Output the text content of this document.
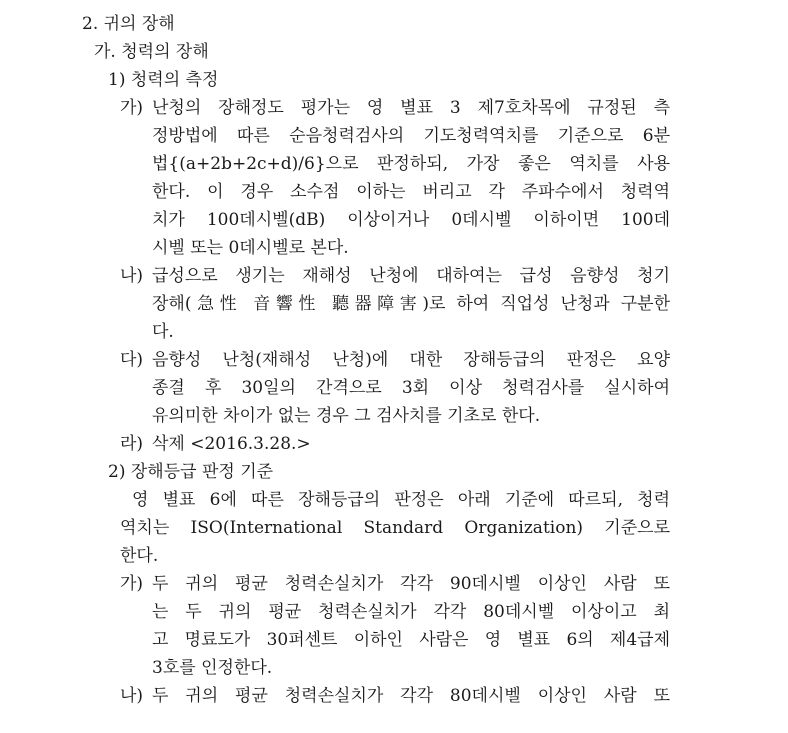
2. 귀의 장해
가. 청력의 장해
1) 청력의 측정
가) 난청의 장해정도 평가는 영 별표 3 제7호차목에 규정된 측
정방법에 따른 순음청력검사의 기도청력역치를 기준으로 6분
법{(a+2b+2c+d)/6}으로 판정하되, 가장 좋은 역치를 사용
한다. 이 경우 소수점 이하는 버리고 각 주파수에서 청력역
치가 100데시벨(dB) 이상이거나 0데시벨 이하이면 100데
시벨 또는 0데시벨로 본다.
나) 급성으로 생기는 재해성 난청에 대하여는 급성 음향성 청기
장해(急性 音響性 聽器障害)로 하여 직업성 난청과 구분한
다.
다) 음향성 난청(재해성 난청)에 대한 장해등급의 판정은 요양
종결 후 30일의 간격으로 3회 이상 청력검사를 실시하여
유의미한 차이가 없는 경우 그 검사치를 기초로 한다.
라) 삭제 <2016.3.28.>
2) 장해등급 판정 기준
영 별표 6에 따른 장해등급의 판정은 아래 기준에 따르되, 청력
역치는 ISO(International Standard Organization) 기준으로
한다.
가) 두 귀의 평균 청력손실치가 각각 90데시벨 이상인 사람 또
는 두 귀의 평균 청력손실치가 각각 80데시벨 이상이고 최
고 명료도가 30퍼센트 이하인 사람은 영 별표 6의 제4급제
3호를 인정한다.
나) 두 귀의 평균 청력손실치가 각각 80데시벨 이상인 사람 또
